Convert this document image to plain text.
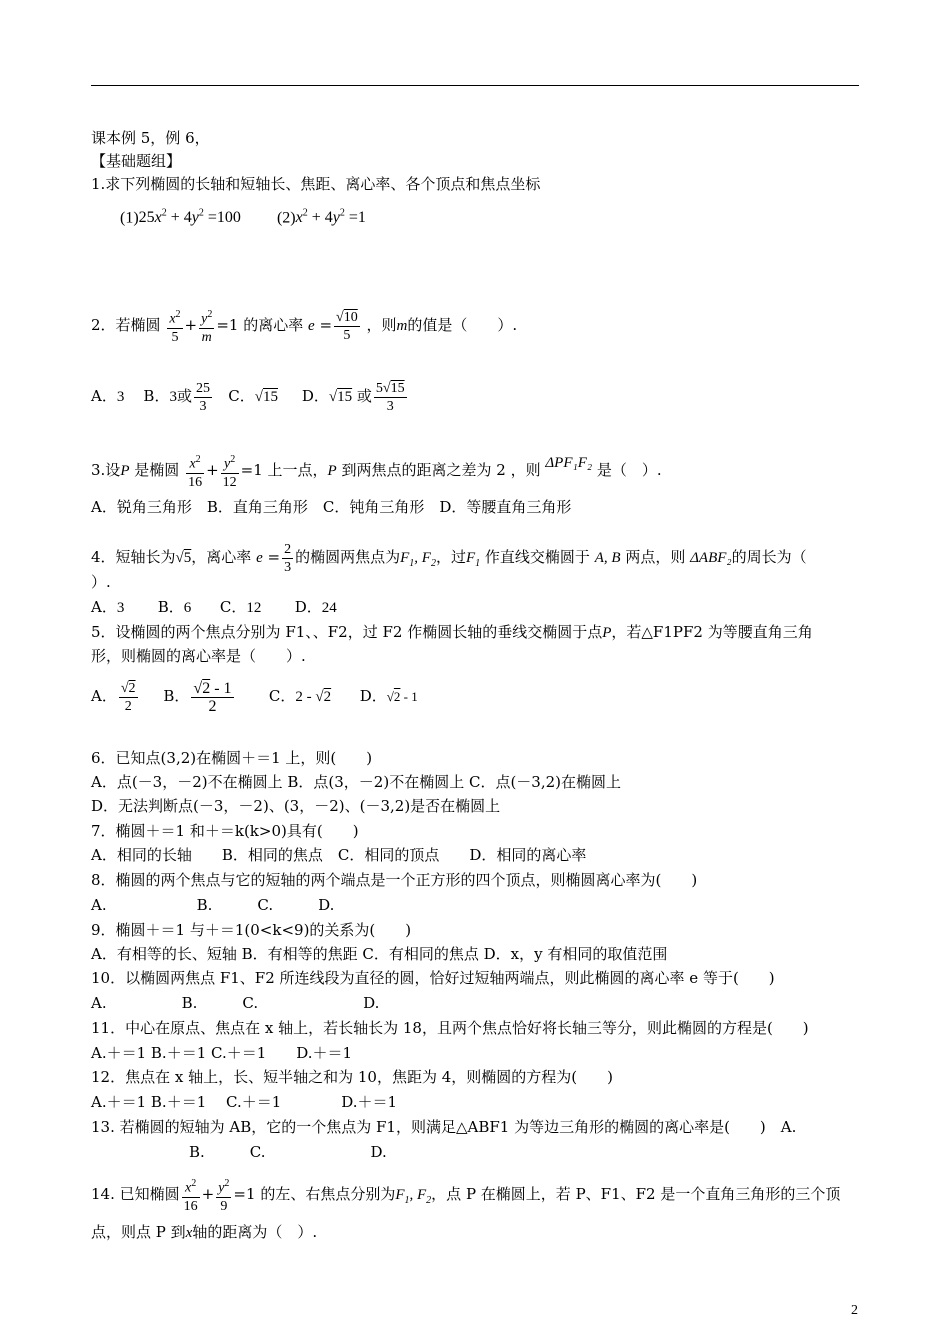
课本例 5，例 6，
【基础题组】
1.求下列椭圆的长轴和短轴长、焦距、离心率、各个顶点和焦点坐标
$(1)25x^2 + 4y^2 =100$ $(2)x^2 + 4y^2 =1$
2．若椭圆 $\frac{x^2}{5} + \frac{y^2}{m} =1$ 的离心率 $e = \frac{√10}{5}$ ，则m的值是（　　）.
A．3 B．3或 $\frac{25}{3}$ C．√15 D．√15 或 $\frac{5√15}{3}$
3.设P 是椭圆 $\frac{x^2}{16} + \frac{y^2}{12} =1$ 上一点，P 到两焦点的距离之差为 2 ，则 ΔPF₁F₂ 是（　）.
A．锐角三角形　B．直角三角形　C．钝角三角形　D．等腰直角三角形
4．短轴长为√5，离心率 $e = \frac{2}{3}$ 的椭圆两焦点为$F_1$, $F_2$，过$F_1$ 作直线交椭圆于 A, B 两点，则 ΔABF₂的周长为（
）.
A．3 B．6 C．12 D．24
5．设椭圆的两个焦点分别为 F1、、F2，过 F2 作椭圆长轴的垂线交椭圆于点P，若△F1PF2 为等腰直角三角
形，则椭圆的离心率是（　　）.
A． $\frac{√2}{2}$ B． $\frac{√2 - 1}{2}$ C．2 - √2 D．√2 - 1
6．已知点(3,2)在椭圆＋＝1 上，则(　　)
A．点(－3，－2)不在椭圆上 B．点(3，－2)不在椭圆上 C．点(－3,2)在椭圆上
D．无法判断点(－3，－2)、(3，－2)、(－3,2)是否在椭圆上
7．椭圆＋＝1 和＋＝k(k>0)具有(　　)
A．相同的长轴　　B．相同的焦点　C．相同的顶点　　D．相同的离心率
8．椭圆的两个焦点与它的短轴的两个端点是一个正方形的四个顶点，则椭圆离心率为(　　)
A.　　　　　　B.　　　C.　　　D.
9．椭圆＋＝1 与＋＝1(0<k<9)的关系为(　　)
A．有相等的长、短轴 B．有相等的焦距 C．有相同的焦点 D．x，y 有相同的取值范围
10．以椭圆两焦点 F1、F2 所连线段为直径的圆，恰好过短轴两端点，则此椭圆的离心率 e 等于(　　)
A.　　　　　B.　　　C.　　　　　　　D.
11．中心在原点、焦点在 x 轴上，若长轴长为 18，且两个焦点恰好将长轴三等分，则此椭圆的方程是(　　)
A.＋＝1 B.＋＝1 C.＋＝1　　D.＋＝1
12．焦点在 x 轴上，长、短半轴之和为 10，焦距为 4，则椭圆的方程为(　　)
A.＋＝1 B.＋＝1　 C.＋＝1　　　　D.＋＝1
13. 若椭圆的短轴为 AB，它的一个焦点为 F1，则满足△ABF1 为等边三角形的椭圆的离心率是(　　)　A.
B.　　　C.　　　　　　　D.
14. 已知椭圆 $\frac{x^2}{16} + \frac{y^2}{9} =1$ 的左、右焦点分别为$F_1$, $F_2$，点 P 在椭圆上，若 P、F1、F2 是一个直角三角形的三个顶
点，则点 P 到x轴的距离为（　）.
2
